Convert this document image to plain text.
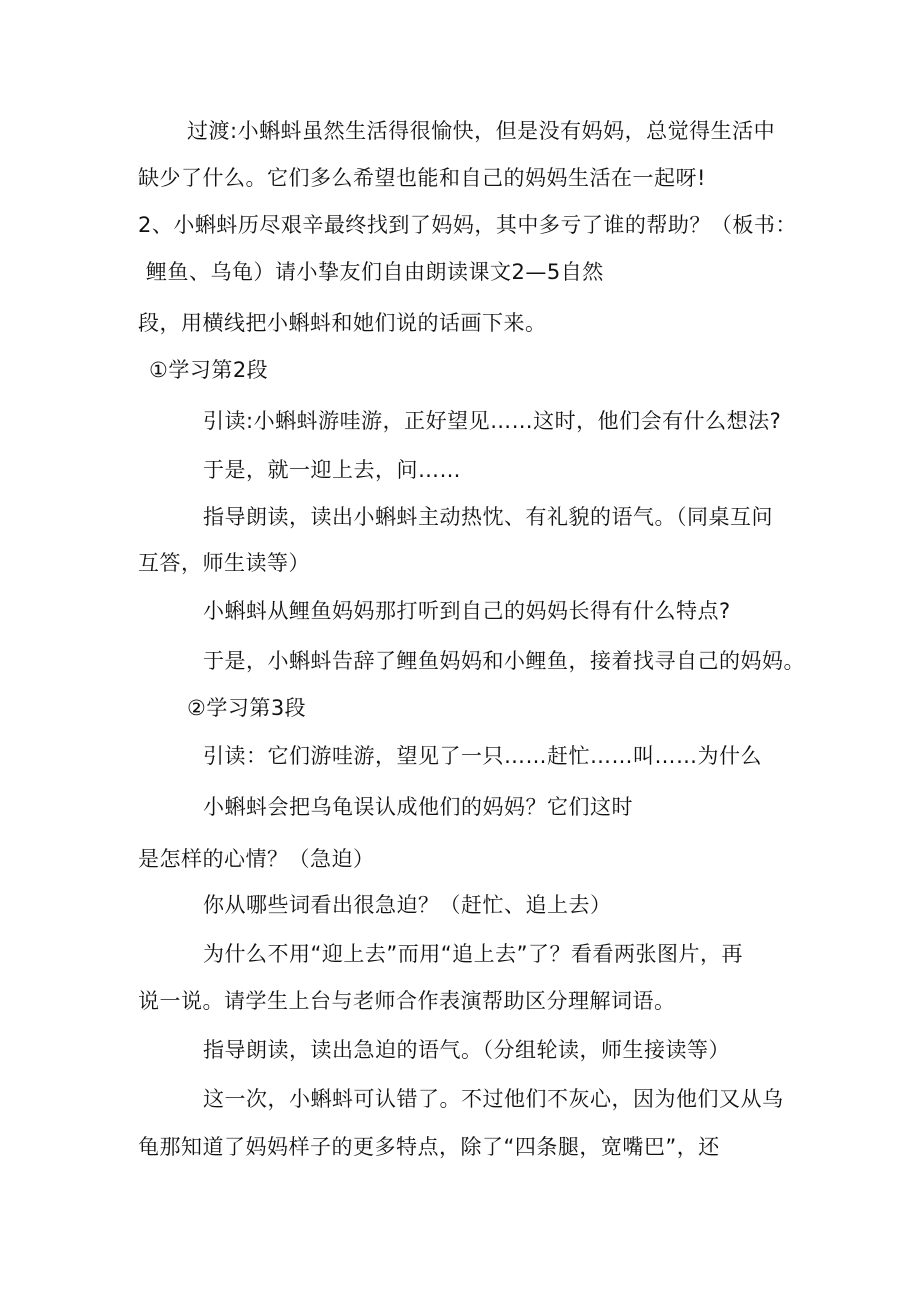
过渡:小蝌蚪虽然生活得很愉快，但是没有妈妈，总觉得生活中
缺少了什么。它们多么希望也能和自己的妈妈生活在一起呀!
2、小蝌蚪历尽艰辛最终找到了妈妈，其中多亏了谁的帮助？（板书：
鲤鱼、乌龟）请小挚友们自由朗读课文2—5自然
段，用横线把小蝌蚪和她们说的话画下来。
①学习第2段
引读:小蝌蚪游哇游，正好望见……这时，他们会有什么想法?
于是，就一迎上去，问……
指导朗读，读出小蝌蚪主动热忱、有礼貌的语气。（同桌互问
互答，师生读等）
小蝌蚪从鲤鱼妈妈那打听到自己的妈妈长得有什么特点?
于是，小蝌蚪告辞了鲤鱼妈妈和小鲤鱼，接着找寻自己的妈妈。
②学习第3段
引读：它们游哇游，望见了一只……赶忙……叫……为什么
小蝌蚪会把乌龟误认成他们的妈妈？它们这时
是怎样的心情？（急迫）
你从哪些词看出很急迫？（赶忙、追上去）
为什么不用“迎上去”而用“追上去”了？看看两张图片，再
说一说。请学生上台与老师合作表演帮助区分理解词语。
指导朗读，读出急迫的语气。（分组轮读，师生接读等）
这一次，小蝌蚪可认错了。不过他们不灰心，因为他们又从乌
龟那知道了妈妈样子的更多特点，除了“四条腿，宽嘴巴”，还
